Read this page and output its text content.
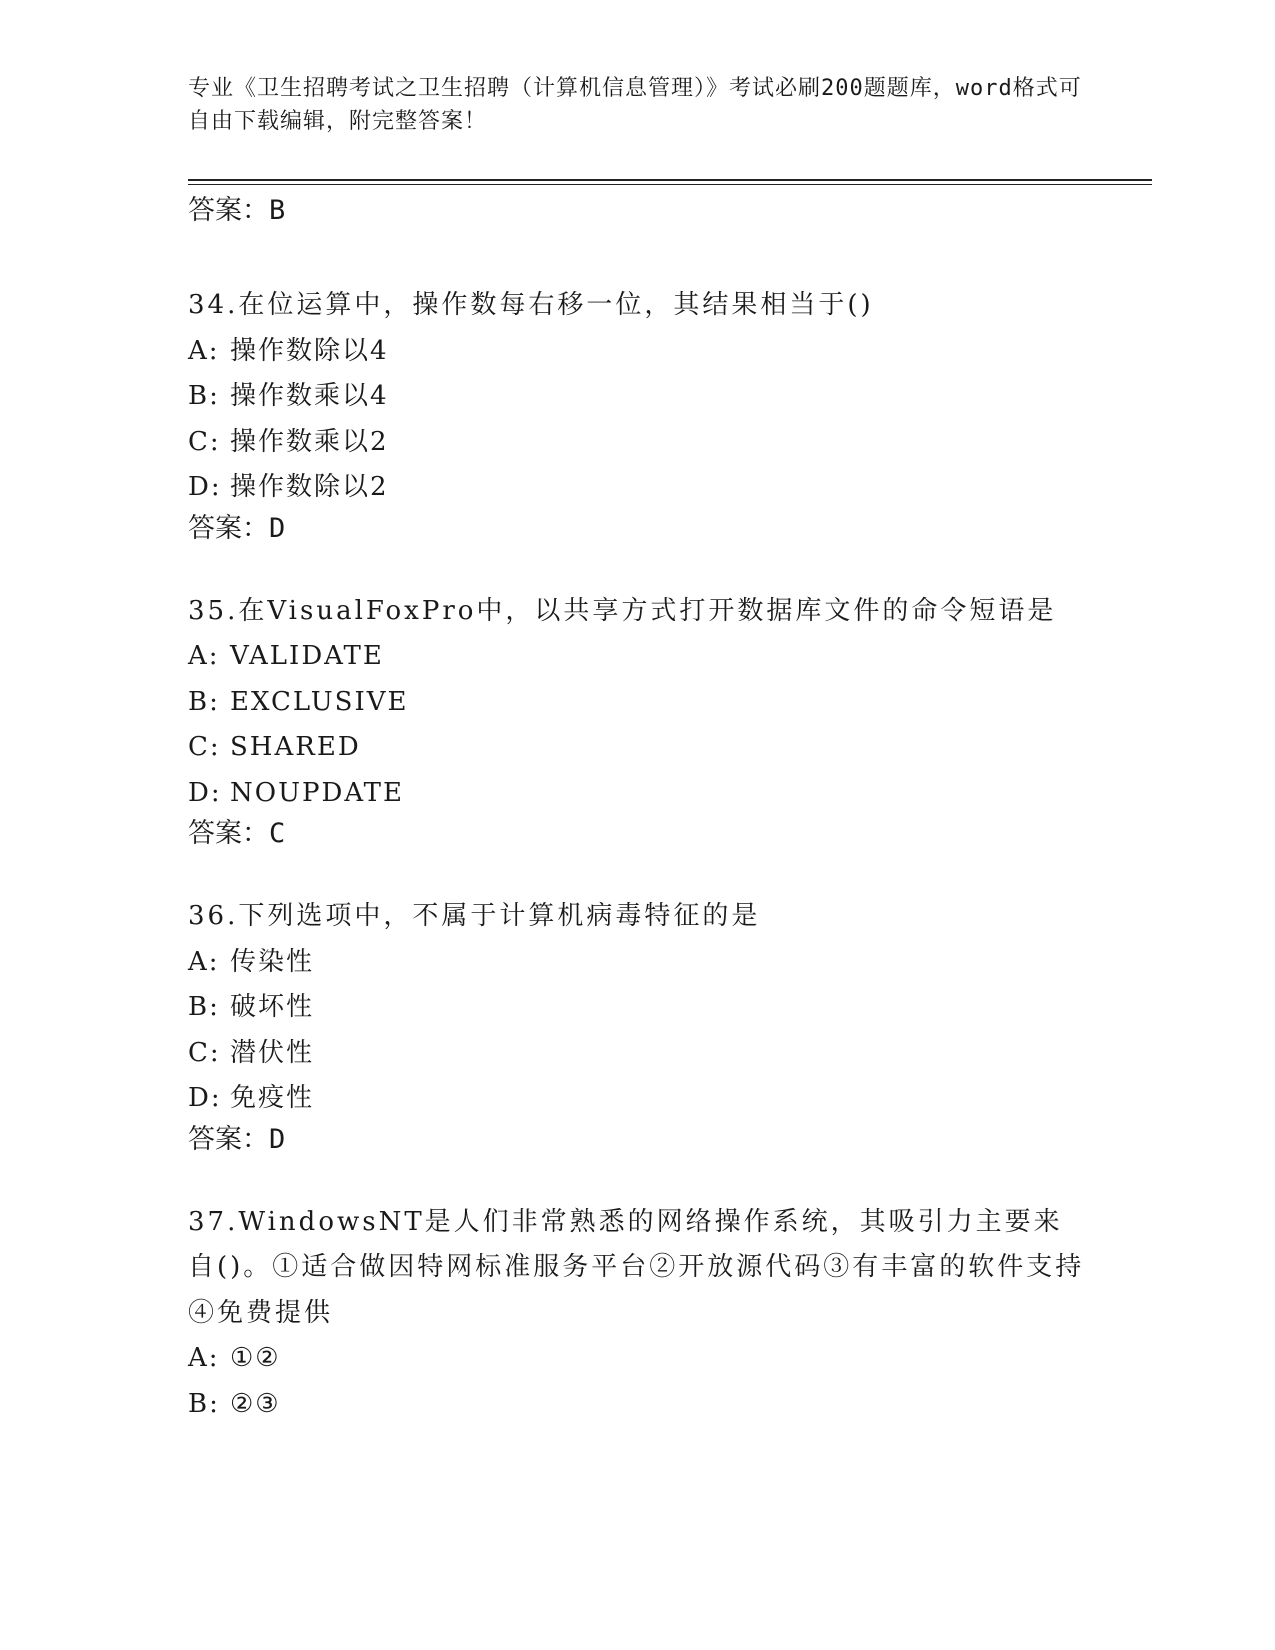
专业《卫生招聘考试之卫生招聘（计算机信息管理）》考试必刷200题题库，word格式可自由下载编辑，附完整答案！
答案：B
34.在位运算中，操作数每右移一位，其结果相当于()
A: 操作数除以4
B: 操作数乘以4
C: 操作数乘以2
D: 操作数除以2
答案：D
35.在VisualFoxPro中，以共享方式打开数据库文件的命令短语是
A: VALIDATE
B: EXCLUSIVE
C: SHARED
D: NOUPDATE
答案：C
36.下列选项中，不属于计算机病毒特征的是
A: 传染性
B: 破坏性
C: 潜伏性
D: 免疫性
答案：D
37.WindowsNT是人们非常熟悉的网络操作系统，其吸引力主要来自()。①适合做因特网标准服务平台②开放源代码③有丰富的软件支持④免费提供
A: ①②
B: ②③
